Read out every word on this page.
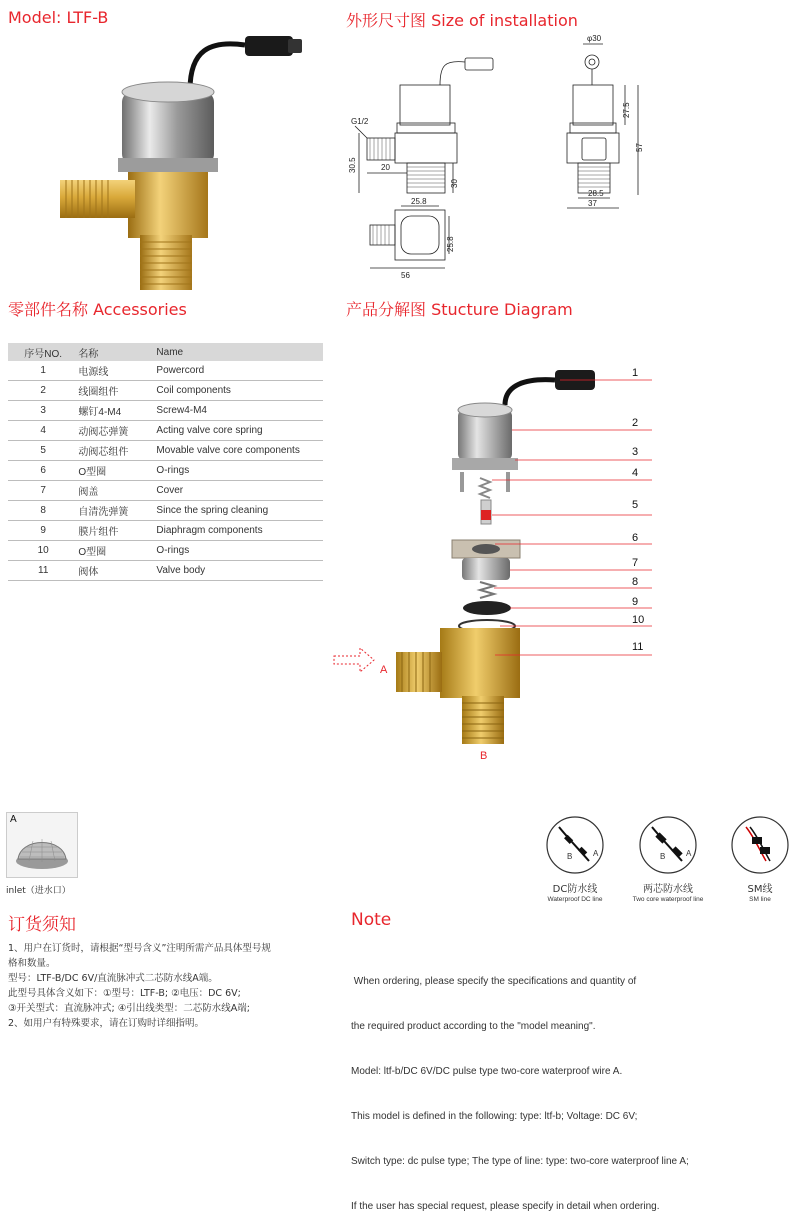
Model: LTF-B	外形尺寸图 Size of installation
零部件名称 Accessories	产品分解图 Stucture Diagram
订货须知	Note
φ30
27.5
57
G1/2
30.5	20
30
28.5
37
25.8
25.8
56
序号NO.	名称	Name
1	电源线	Powercord
2	线圈组件	Coil components
3	螺钉4-M4	Screw4-M4
4	动阀芯弹簧	Acting valve core spring
5	动阀芯组件	Movable valve core components
6	O型圈	O-rings
7	阀盖	Cover
8	自清洗弹簧	Since the spring cleaning
9	膜片组件	Diaphragm components
10	O型圈	O-rings
11	阀体	Valve body
1
2
3
4
5
6
7
8
9
10
11
A
B
A
inlet（进水口）
B	A
DC防水线
Waterproof DC line
B	A
两芯防水线
Two core waterproof line
SM线
SM line
1、用户在订货时，请根据“型号含义”注明所需产品具体型号规
格和数量。
型号：LTF-B/DC 6V/直流脉冲式二芯防水线A端。
此型号具体含义如下：①型号：LTF-B; ②电压：DC 6V;
③开关型式：直流脉冲式; ④引出线类型：二芯防水线A端;
2、如用户有特殊要求，请在订购时详细指明。

When ordering, please specify the specifications and quantity of

the required product according to the "model meaning".

Model: ltf-b/DC 6V/DC pulse type two-core waterproof wire A.

This model is defined in the following: type: ltf-b; Voltage: DC 6V;

Switch type: dc pulse type; The type of line: type: two-core waterproof line A;

If the user has special request, please specify in detail when ordering.
